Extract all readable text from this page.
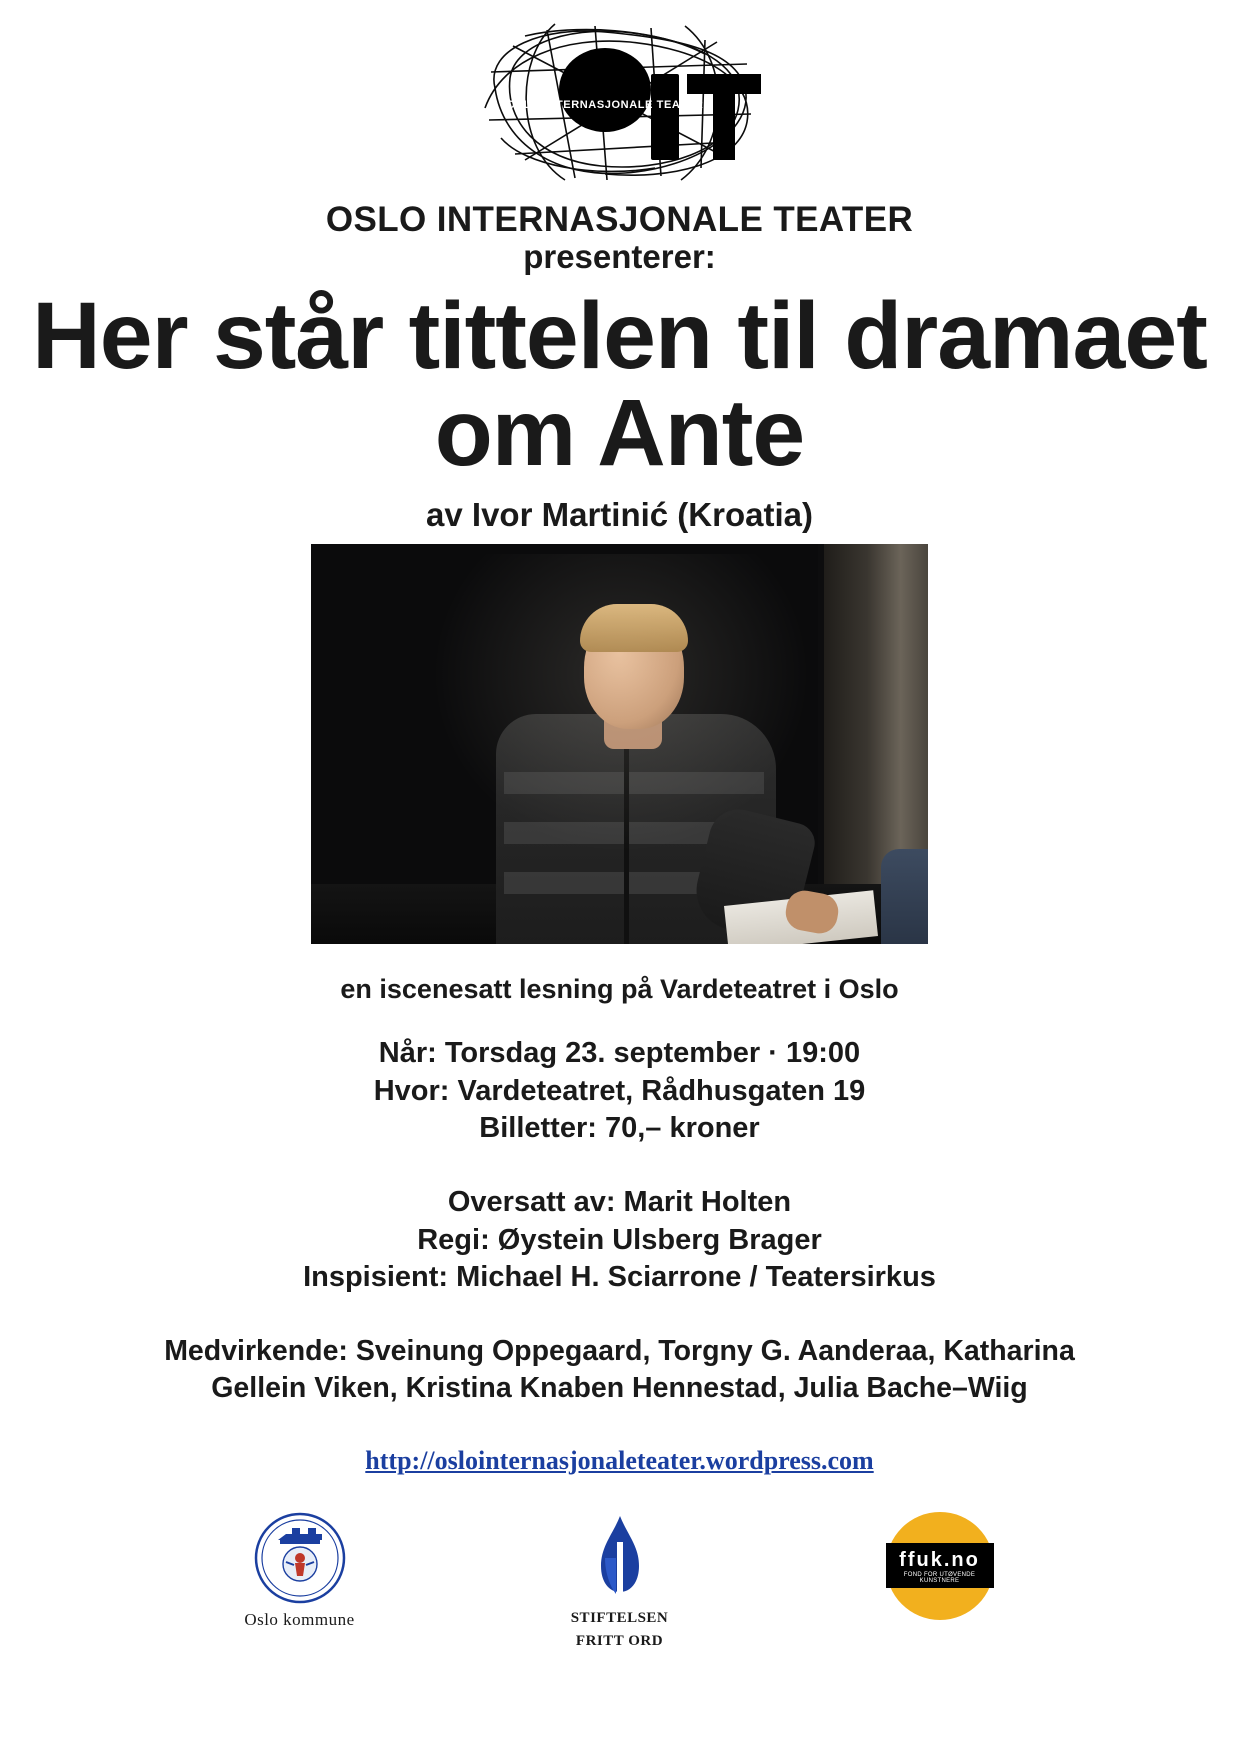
OSLO INTERNASJONALE TEATER
OSLO INTERNASJONALE TEATER
presenterer:
Her står tittelen til dramaet om Ante
av Ivor Martinić (Kroatia)
en iscenesatt lesning på Vardeteatret i Oslo
Når: Torsdag 23. september · 19:00
Hvor: Vardeteatret, Rådhusgaten 19
Billetter: 70,– kroner
Oversatt av: Marit Holten
Regi: Øystein Ulsberg Brager
Inspisient: Michael H. Sciarrone / Teatersirkus
Medvirkende: Sveinung Oppegaard, Torgny G. Aanderaa, Katharina
Gellein Viken, Kristina Knaben Hennestad, Julia Bache–Wiig
http://oslointernasjonaleteater.wordpress.com
Oslo kommune	STIFTELSEN
FRITT ORD
ffuk.no
FOND FOR UTØVENDE KUNSTNERE
